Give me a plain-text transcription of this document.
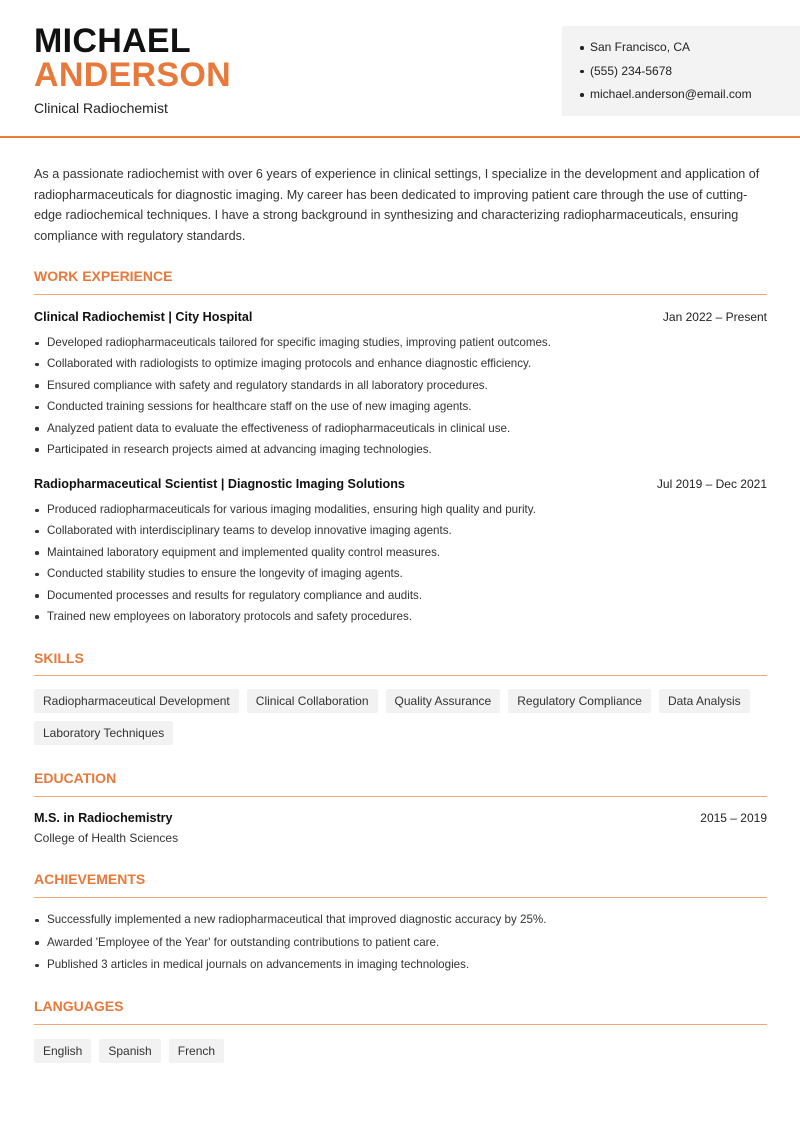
MICHAEL
ANDERSON
Clinical Radiochemist
San Francisco, CA
(555) 234-5678
michael.anderson@email.com

As a passionate radiochemist with over 6 years of experience in clinical settings, I specialize in the development and application of radiopharmaceuticals for diagnostic imaging. My career has been dedicated to improving patient care through the use of cutting-edge radiochemical techniques. I have a strong background in synthesizing and characterizing radiopharmaceuticals, ensuring compliance with regulatory standards.

WORK EXPERIENCE
Clinical Radiochemist | City Hospital	Jan 2022 – Present
Developed radiopharmaceuticals tailored for specific imaging studies, improving patient outcomes.
Collaborated with radiologists to optimize imaging protocols and enhance diagnostic efficiency.
Ensured compliance with safety and regulatory standards in all laboratory procedures.
Conducted training sessions for healthcare staff on the use of new imaging agents.
Analyzed patient data to evaluate the effectiveness of radiopharmaceuticals in clinical use.
Participated in research projects aimed at advancing imaging technologies.
Radiopharmaceutical Scientist | Diagnostic Imaging Solutions	Jul 2019 – Dec 2021
Produced radiopharmaceuticals for various imaging modalities, ensuring high quality and purity.
Collaborated with interdisciplinary teams to develop innovative imaging agents.
Maintained laboratory equipment and implemented quality control measures.
Conducted stability studies to ensure the longevity of imaging agents.
Documented processes and results for regulatory compliance and audits.
Trained new employees on laboratory protocols and safety procedures.
SKILLS
Radiopharmaceutical Development	Clinical Collaboration	Quality Assurance	Regulatory Compliance	Data Analysis
Laboratory Techniques
EDUCATION
M.S. in Radiochemistry	2015 – 2019
College of Health Sciences
ACHIEVEMENTS
Successfully implemented a new radiopharmaceutical that improved diagnostic accuracy by 25%.
Awarded 'Employee of the Year' for outstanding contributions to patient care.
Published 3 articles in medical journals on advancements in imaging technologies.
LANGUAGES
English	Spanish	French
